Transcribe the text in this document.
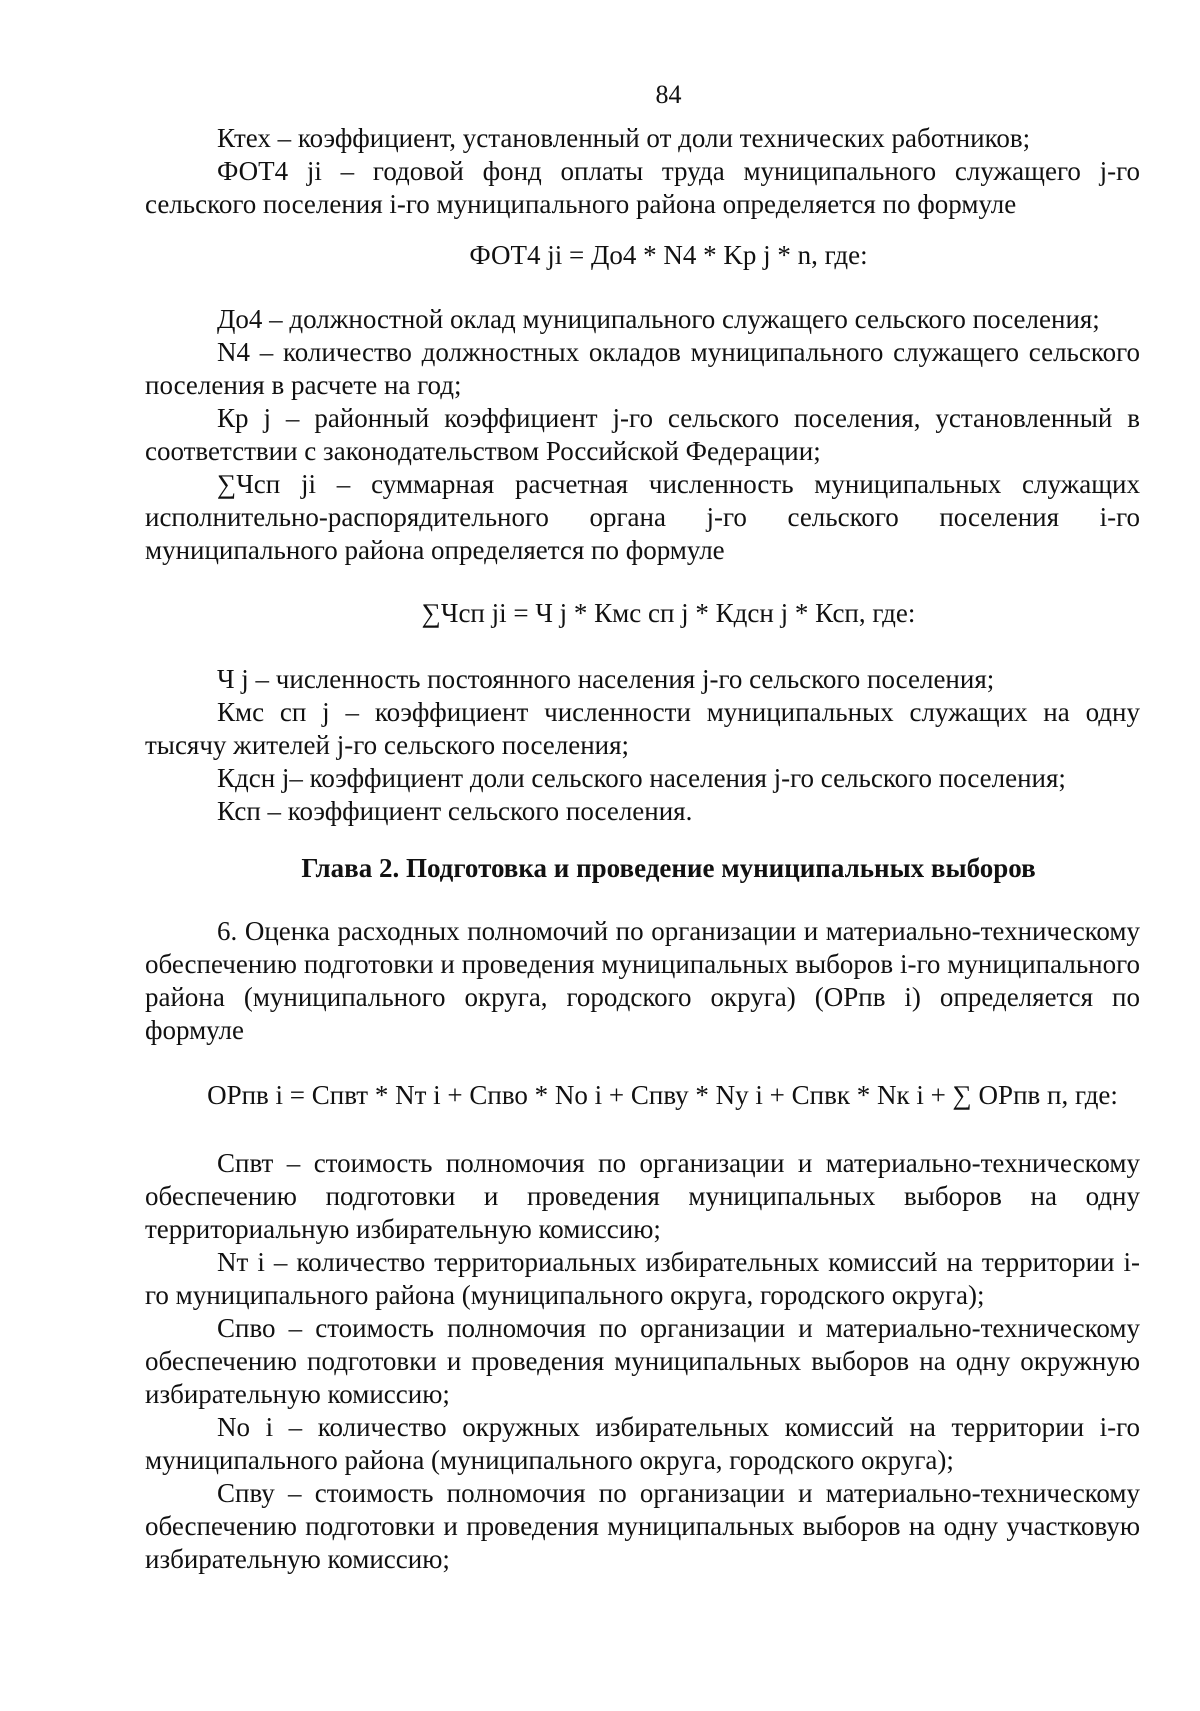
84

Ктех – коэффициент, установленный от доли технических работников;

ФОТ4 ji – годовой фонд оплаты труда муниципального служащего j-го сельского поселения i-го муниципального района определяется по формуле

ФОТ4 ji = До4 * N4 * Kp j * n, где:

До4 – должностной оклад муниципального служащего сельского поселения;

N4 – количество должностных окладов муниципального служащего сельского поселения в расчете на год;

Кр j – районный коэффициент j-го сельского поселения, установленный в соответствии с законодательством Российской Федерации;

∑Чсп ji – суммарная расчетная численность муниципальных служащих исполнительно-распорядительного органа j-го сельского поселения i-го муниципального района определяется по формуле

∑Чсп ji = Ч j * Кмс сп j * Кдсн j * Ксп, где:

Ч j – численность постоянного населения j-го сельского поселения;

Кмс сп j – коэффициент численности муниципальных служащих на одну тысячу жителей j-го сельского поселения;

Кдсн j– коэффициент доли сельского населения j-го сельского поселения;

Ксп – коэффициент сельского поселения.

Глава 2. Подготовка и проведение муниципальных выборов

6. Оценка расходных полномочий по организации и материально-техническому обеспечению подготовки и проведения муниципальных выборов i-го муниципального района (муниципального округа, городского округа) (ОРпв i) определяется по формуле

ОРпв i = Спвт * Nт i + Спво * Nо i + Спву * Nу i + Спвк * Nк i + ∑ ОРпв п, где:

Спвт – стоимость полномочия по организации и материально-техническому обеспечению подготовки и проведения муниципальных выборов на одну территориальную избирательную комиссию;

Nт i – количество территориальных избирательных комиссий на территории i-го муниципального района (муниципального округа, городского округа);

Спво – стоимость полномочия по организации и материально-техническому обеспечению подготовки и проведения муниципальных выборов на одну окружную избирательную комиссию;

Nо i – количество окружных избирательных комиссий на территории i-го муниципального района (муниципального округа, городского округа);

Спву – стоимость полномочия по организации и материально-техническому обеспечению подготовки и проведения муниципальных выборов на одну участковую избирательную комиссию;
